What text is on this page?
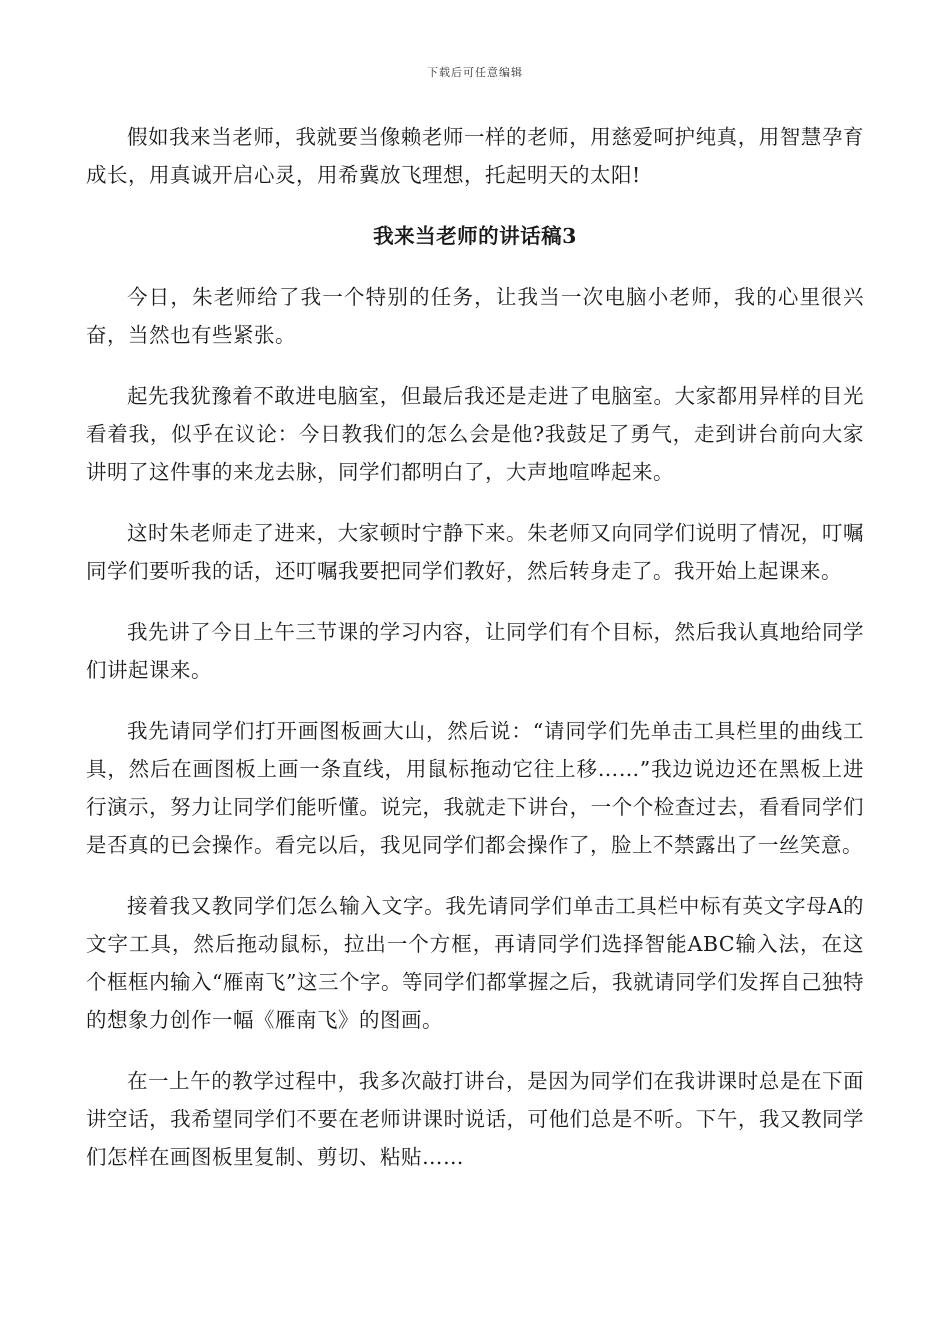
下载后可任意编辑

假如我来当老师，我就要当像赖老师一样的老师，用慈爱呵护纯真，用智慧孕育成长，用真诚开启心灵，用希冀放飞理想，托起明天的太阳!

我来当老师的讲话稿3

今日，朱老师给了我一个特别的任务，让我当一次电脑小老师，我的心里很兴奋，当然也有些紧张。

起先我犹豫着不敢进电脑室，但最后我还是走进了电脑室。大家都用异样的目光看着我，似乎在议论：今日教我们的怎么会是他?我鼓足了勇气，走到讲台前向大家讲明了这件事的来龙去脉，同学们都明白了，大声地喧哗起来。

这时朱老师走了进来，大家顿时宁静下来。朱老师又向同学们说明了情况，叮嘱同学们要听我的话，还叮嘱我要把同学们教好，然后转身走了。我开始上起课来。

我先讲了今日上午三节课的学习内容，让同学们有个目标，然后我认真地给同学们讲起课来。

我先请同学们打开画图板画大山，然后说：“请同学们先单击工具栏里的曲线工具，然后在画图板上画一条直线，用鼠标拖动它往上移……”我边说边还在黑板上进行演示，努力让同学们能听懂。说完，我就走下讲台，一个个检查过去，看看同学们是否真的已会操作。看完以后，我见同学们都会操作了，脸上不禁露出了一丝笑意。

接着我又教同学们怎么输入文字。我先请同学们单击工具栏中标有英文字母A的文字工具，然后拖动鼠标，拉出一个方框，再请同学们选择智能ABC输入法，在这个框框内输入“雁南飞”这三个字。等同学们都掌握之后，我就请同学们发挥自己独特的想象力创作一幅《雁南飞》的图画。

在一上午的教学过程中，我多次敲打讲台，是因为同学们在我讲课时总是在下面讲空话，我希望同学们不要在老师讲课时说话，可他们总是不听。下午，我又教同学们怎样在画图板里复制、剪切、粘贴……
